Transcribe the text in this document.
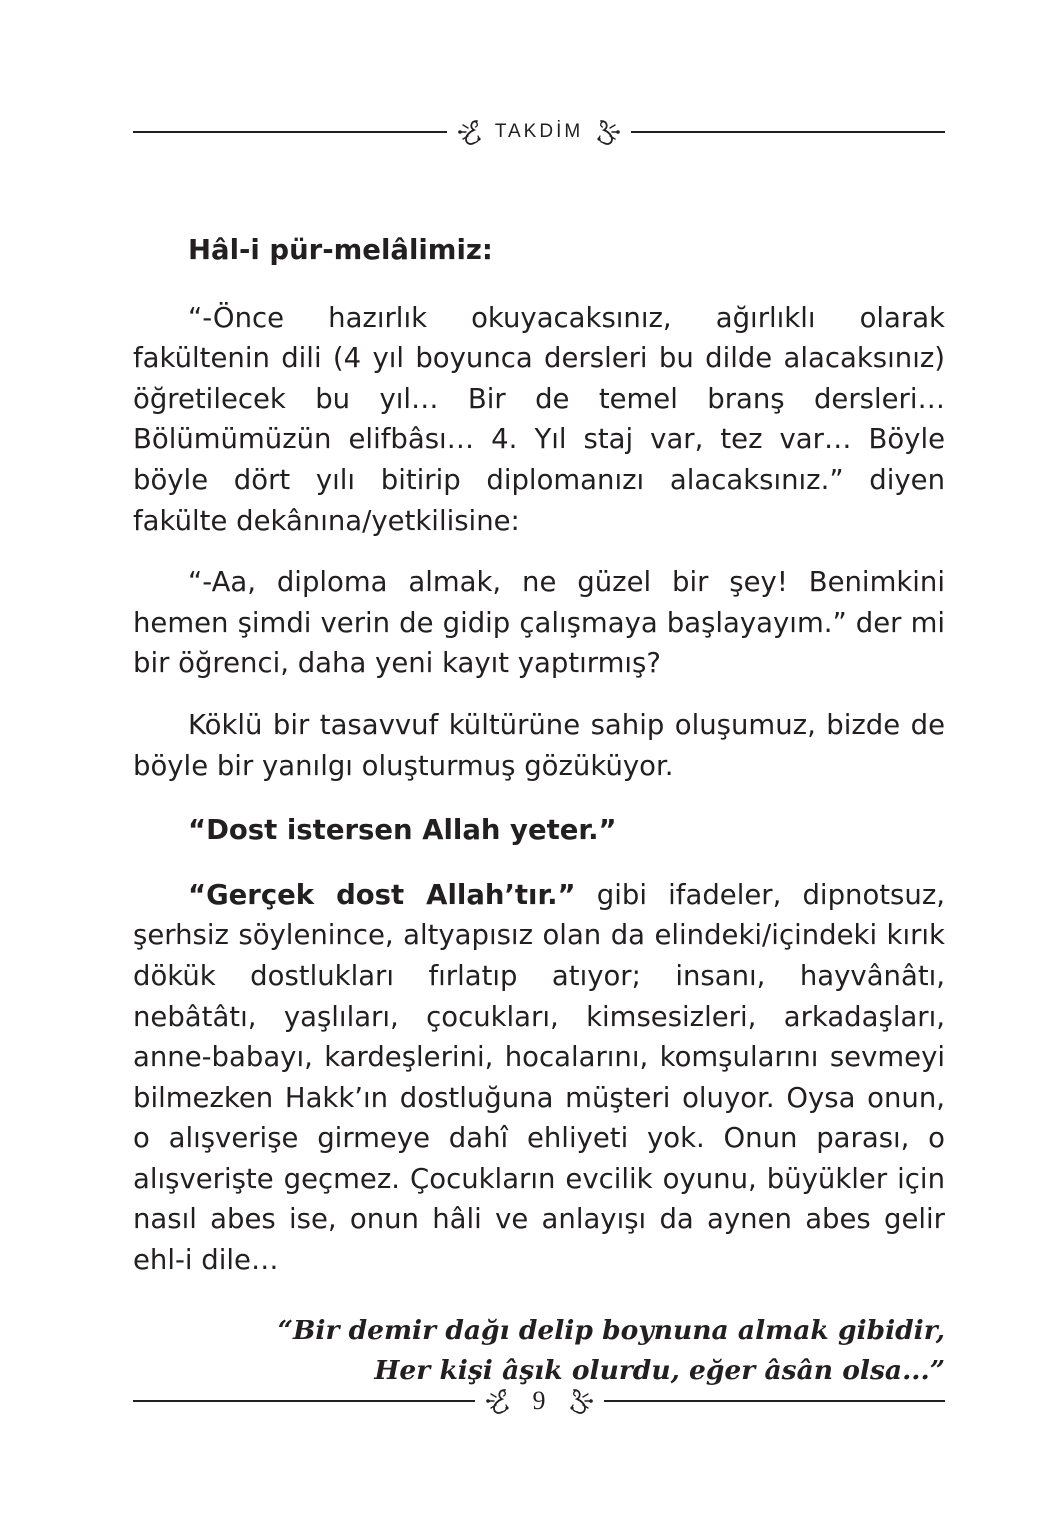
TAKDİM

Hâl-i pür-melâlimiz:

“-Önce hazırlık okuyacaksınız, ağırlıklı olarak fakültenin dili (4 yıl boyunca dersleri bu dilde alacaksınız) öğretilecek bu yıl… Bir de temel branş dersleri… Bölümümüzün elifbâsı… 4. Yıl staj var, tez var… Böyle böyle dört yılı bitirip diplomanızı alacaksınız.” diyen fakülte dekânına/yetkilisine:

“-Aa, diploma almak, ne güzel bir şey! Benimkini hemen şimdi verin de gidip çalışmaya başlayayım.” der mi bir öğrenci, daha yeni kayıt yaptırmış?

Köklü bir tasavvuf kültürüne sahip oluşumuz, bizde de böyle bir yanılgı oluşturmuş gözüküyor.

“Dost istersen Allah yeter.”

“Gerçek dost Allah’tır.” gibi ifadeler, dipnotsuz, şerhsiz söylenince, altyapısız olan da elindeki/içindeki kırık dökük dostlukları fırlatıp atıyor; insanı, hayvânâtı, nebâtâtı, yaşlıları, çocukları, kimsesizleri, arkadaşları, anne-babayı, kardeşlerini, hocalarını, komşularını sevmeyi bilmezken Hakk’ın dostluğuna müşteri oluyor. Oysa onun, o alışverişe girmeye dahî ehliyeti yok. Onun parası, o alışverişte geçmez. Çocukların evcilik oyunu, büyükler için nasıl abes ise, onun hâli ve anlayışı da aynen abes gelir ehl-i dile…

“Bir demir dağı delip boynuna almak gibidir,
Her kişi âşık olurdu, eğer âsân olsa...”
9
